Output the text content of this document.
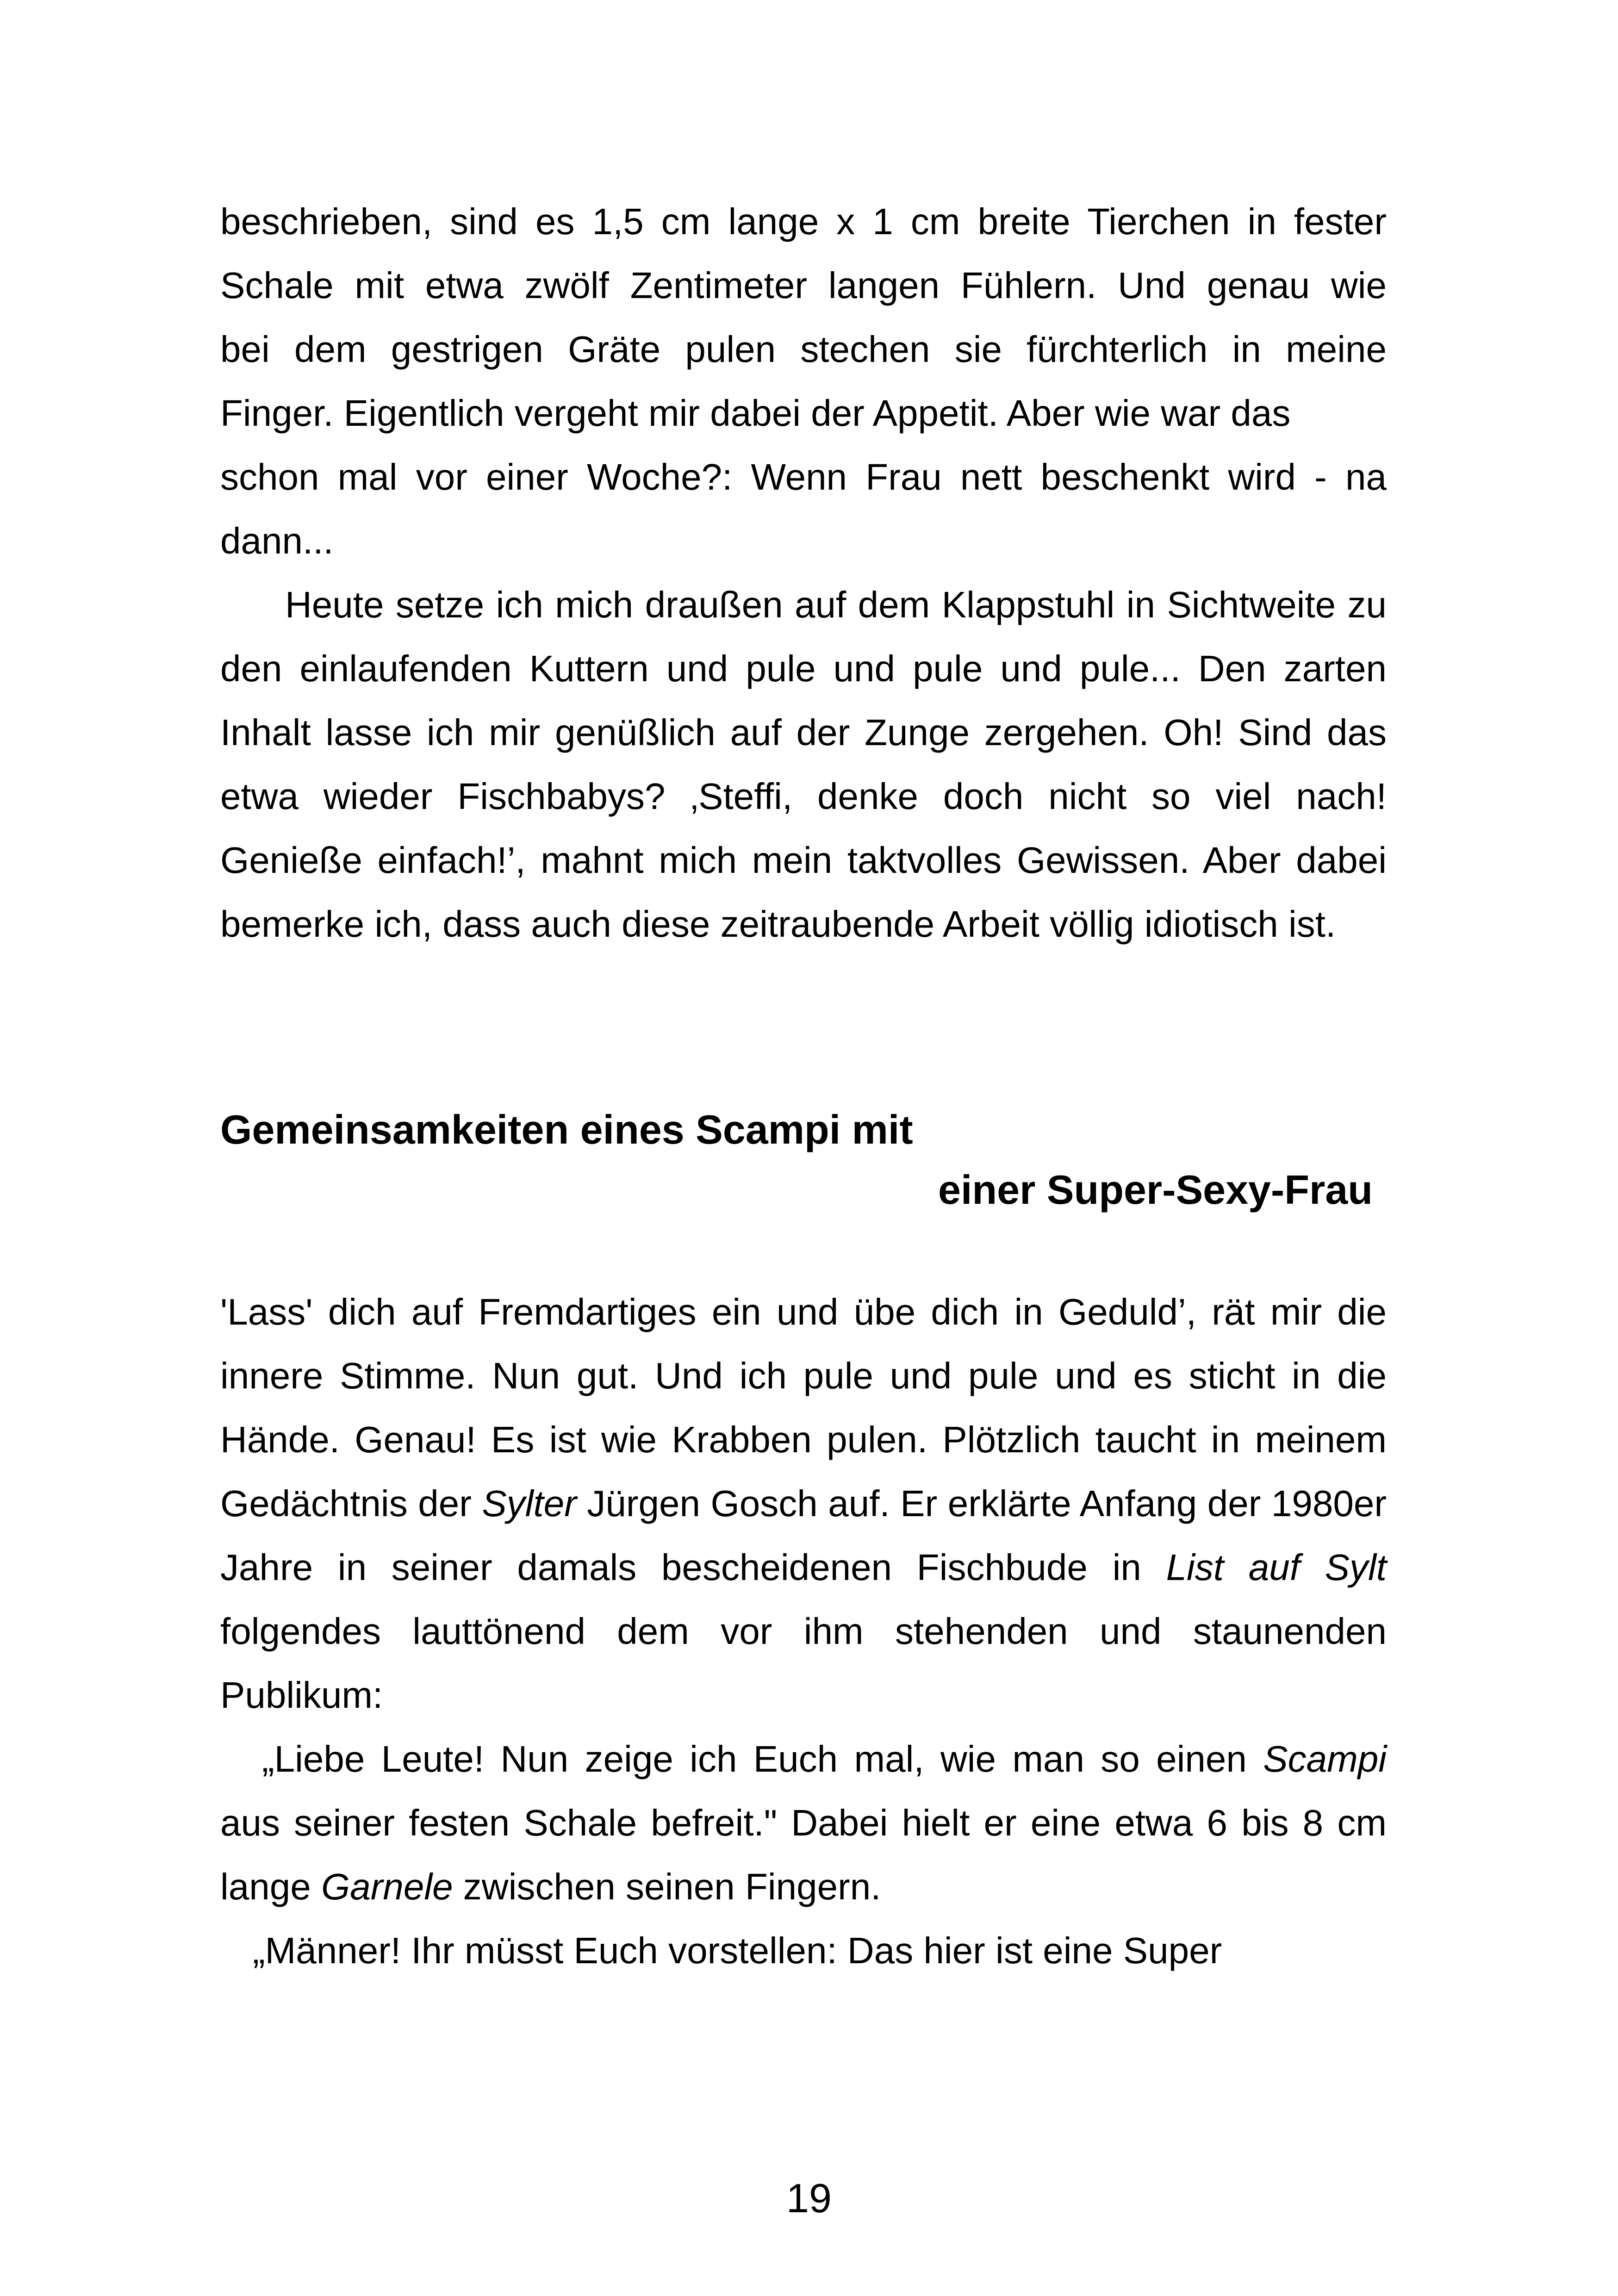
beschrieben, sind es 1,5 cm lange x 1 cm breite Tierchen in fester
Schale mit etwa zwölf Zentimeter langen Fühlern. Und genau wie
bei dem gestrigen Gräte pulen stechen sie fürchterlich in meine
Finger. Eigentlich vergeht mir dabei der Appetit. Aber wie war das
schon mal vor einer Woche?: Wenn Frau nett beschenkt wird - na
dann...

Heute setze ich mich draußen auf dem Klappstuhl in Sichtweite zu den einlaufenden Kuttern und pule und pule und pule... Den zarten Inhalt lasse ich mir genüßlich auf der Zunge zergehen. Oh! Sind das etwa wieder Fischbabys? ‚Steffi, denke doch nicht so viel nach! Genieße einfach!’, mahnt mich mein taktvolles Gewissen. Aber dabei bemerke ich, dass auch diese zeitraubende Arbeit völlig idiotisch ist.

Gemeinsamkeiten eines Scampi mit
einer Super-Sexy-Frau

'Lass' dich auf Fremdartiges ein und übe dich in Geduld’, rät mir die innere Stimme. Nun gut. Und ich pule und pule und es sticht in die Hände. Genau! Es ist wie Krabben pulen. Plötzlich taucht in meinem Gedächtnis der Sylter Jürgen Gosch auf. Er erklärte Anfang der 1980er Jahre in seiner damals bescheidenen Fischbude in List auf Sylt folgendes lauttönend dem vor ihm stehenden und staunenden Publikum:

„Liebe Leute! Nun zeige ich Euch mal, wie man so einen Scampi aus seiner festen Schale befreit." Dabei hielt er eine etwa 6 bis 8 cm lange Garnele zwischen seinen Fingern.

„Männer! Ihr müsst Euch vorstellen: Das hier ist eine Super

19
